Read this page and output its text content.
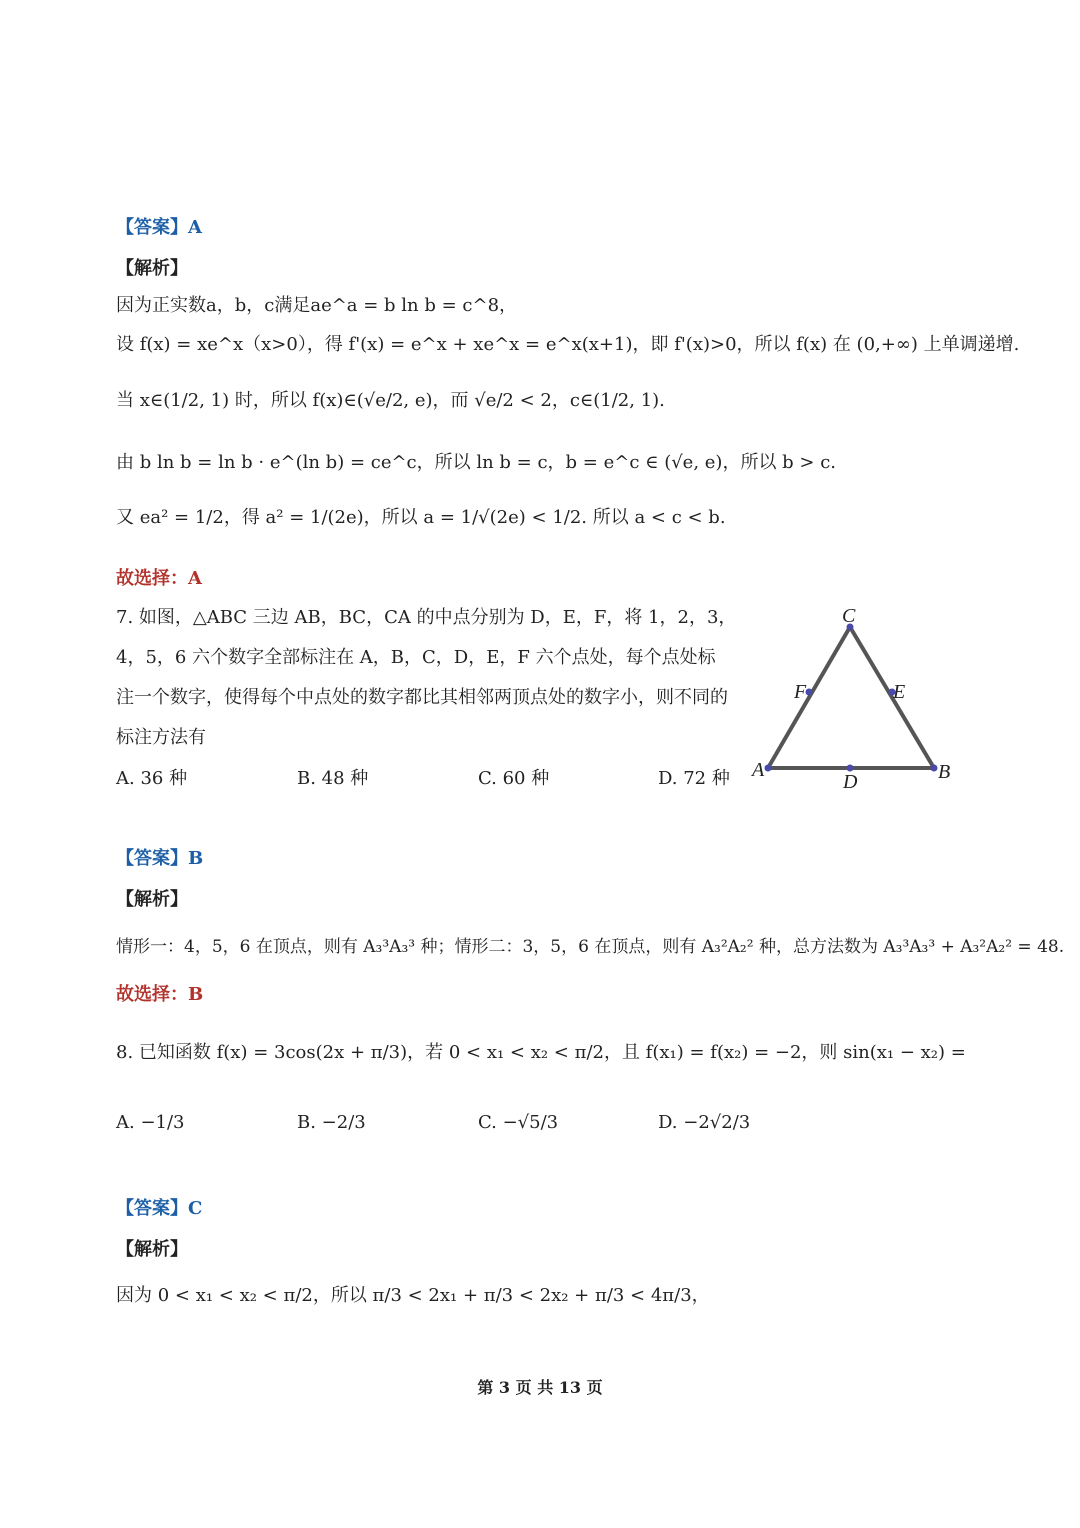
【答案】A
【解析】
因为正实数a，b，c满足ae^a = b ln b = c^8，
设 f(x) = xe^x（x>0），得 f'(x) = e^x + xe^x = e^x(x+1)，即 f'(x)>0，所以 f(x) 在 (0,+∞) 上单调递增.
当 x∈(1/2, 1) 时，所以 f(x)∈(√e/2, e)，而 √e/2 < 2，c∈(1/2, 1).
由 b ln b = ln b · e^(ln b) = ce^c，所以 ln b = c，b = e^c ∈ (√e, e)，所以 b > c.
又 ea² = 1/2，得 a² = 1/(2e)，所以 a = 1/√(2e) < 1/2. 所以 a < c < b.
故选择：A
7. 如图，△ABC 三边 AB，BC，CA 的中点分别为 D，E，F，将 1，2，3，
4，5，6 六个数字全部标注在 A，B，C，D，E，F 六个点处，每个点处标
注一个数字，使得每个中点处的数字都比其相邻两顶点处的数字小，则不同的
标注方法有
A. 36 种	B. 48 种	C. 60 种	D. 72 种 A	B
C
D
E
F
【答案】B
【解析】
情形一：4，5，6 在顶点，则有 A₃³A₃³ 种；情形二：3，5，6 在顶点，则有 A₃²A₂² 种，总方法数为 A₃³A₃³ + A₃²A₂² = 48.
故选择：B
8. 已知函数 f(x) = 3cos(2x + π/3)，若 0 < x₁ < x₂ < π/2，且 f(x₁) = f(x₂) = −2，则 sin(x₁ − x₂) =
A. −1/3	B. −2/3	C. −√5/3	D. −2√2/3
【答案】C
【解析】
因为 0 < x₁ < x₂ < π/2，所以 π/3 < 2x₁ + π/3 < 2x₂ + π/3 < 4π/3，
第 3 页 共 13 页
